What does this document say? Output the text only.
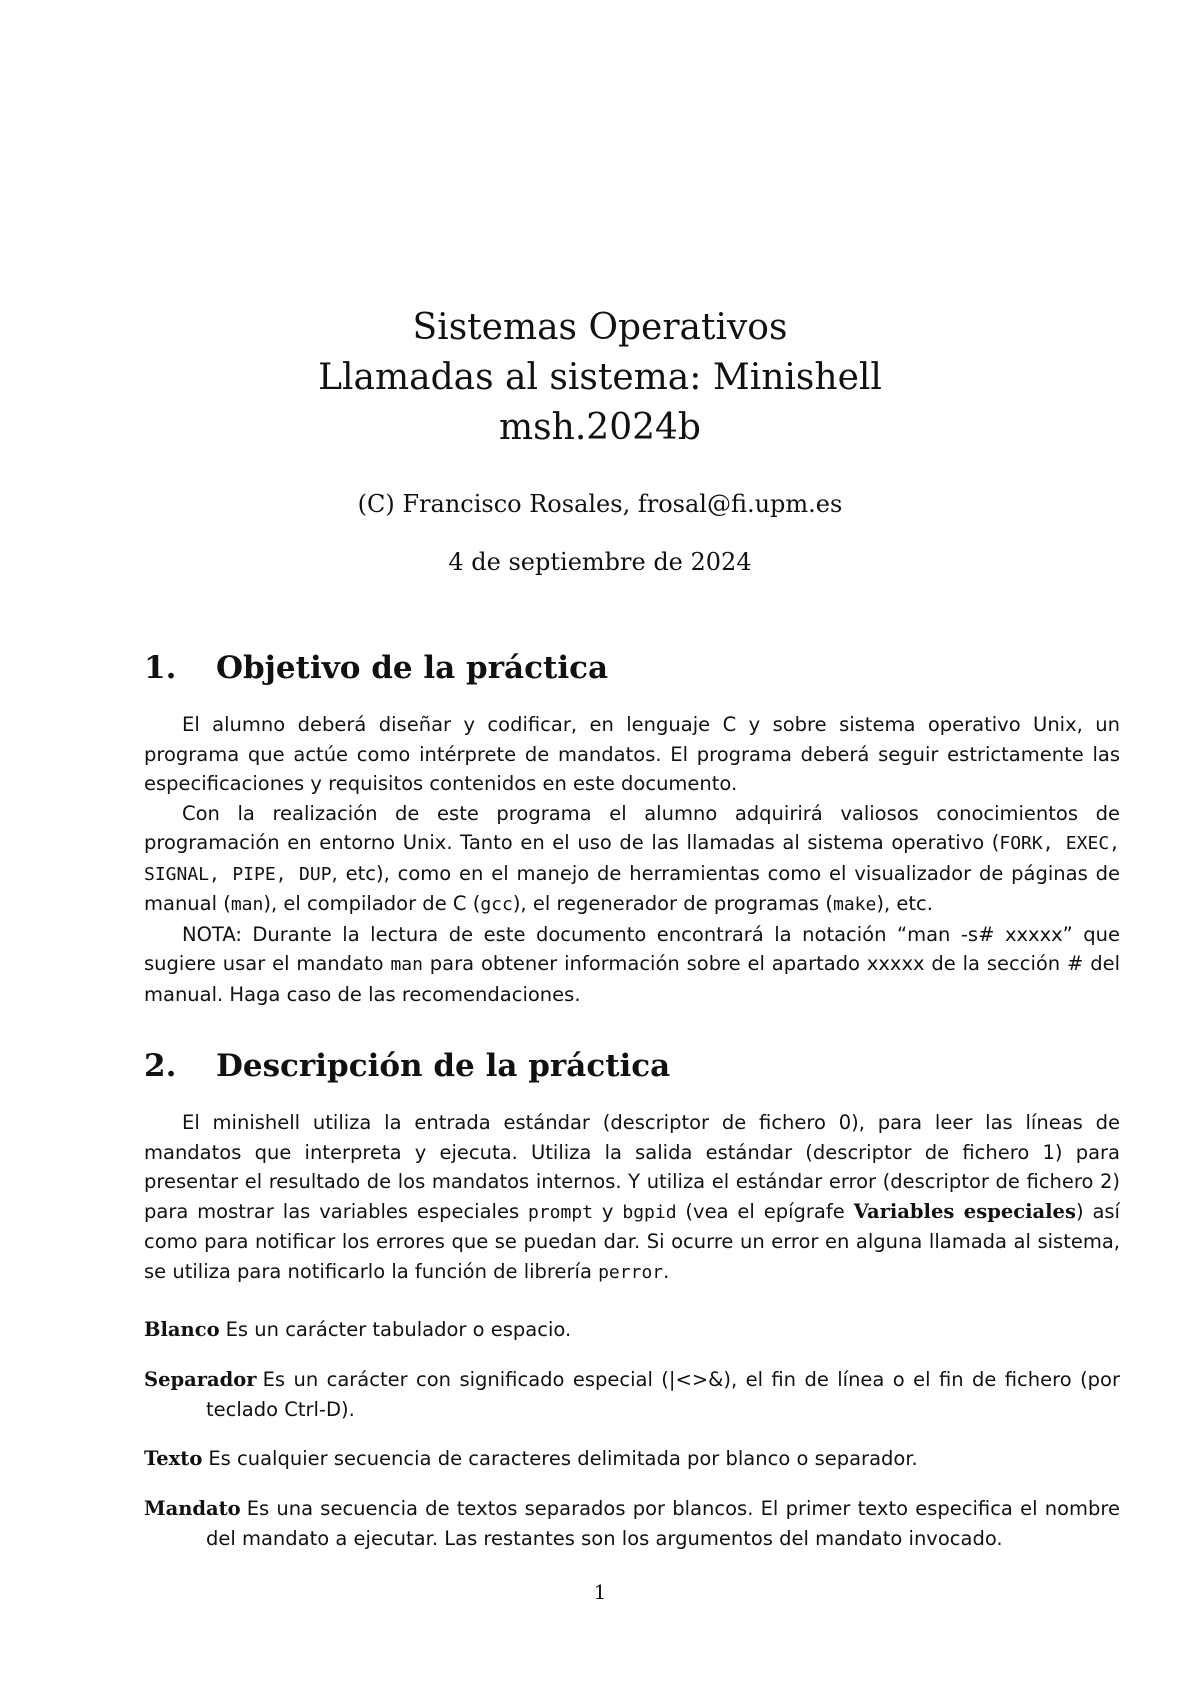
Sistemas Operativos
Llamadas al sistema: Minishell
msh.2024b
(C) Francisco Rosales, frosal@fi.upm.es
4 de septiembre de 2024
1. Objetivo de la práctica

El alumno deberá diseñar y codificar, en lenguaje C y sobre sistema operativo Unix, un programa que actúe como intérprete de mandatos. El programa deberá seguir estrictamente las especificaciones y requisitos contenidos en este documento.

Con la realización de este programa el alumno adquirirá valiosos conocimientos de programación en entorno Unix. Tanto en el uso de las llamadas al sistema operativo (FORK, EXEC, SIGNAL, PIPE, DUP, etc), como en el manejo de herramientas como el visualizador de páginas de manual (man), el compilador de C (gcc), el regenerador de programas (make), etc.

NOTA: Durante la lectura de este documento encontrará la notación “man -s# xxxxx” que sugiere usar el mandato man para obtener información sobre el apartado xxxxx de la sección # del manual. Haga caso de las recomendaciones.

2. Descripción de la práctica

El minishell utiliza la entrada estándar (descriptor de fichero 0), para leer las líneas de mandatos que interpreta y ejecuta. Utiliza la salida estándar (descriptor de fichero 1) para presentar el resultado de los mandatos internos. Y utiliza el estándar error (descriptor de fichero 2) para mostrar las variables especiales prompt y bgpid (vea el epígrafe Variables especiales) así como para notificar los errores que se puedan dar. Si ocurre un error en alguna llamada al sistema, se utiliza para notificarlo la función de librería perror.

Blanco Es un carácter tabulador o espacio.
Separador Es un carácter con significado especial (|<>&), el fin de línea o el fin de fichero (por teclado Ctrl-D).
Texto Es cualquier secuencia de caracteres delimitada por blanco o separador.
Mandato Es una secuencia de textos separados por blancos. El primer texto especifica el nombre del mandato a ejecutar. Las restantes son los argumentos del mandato invocado.
1
